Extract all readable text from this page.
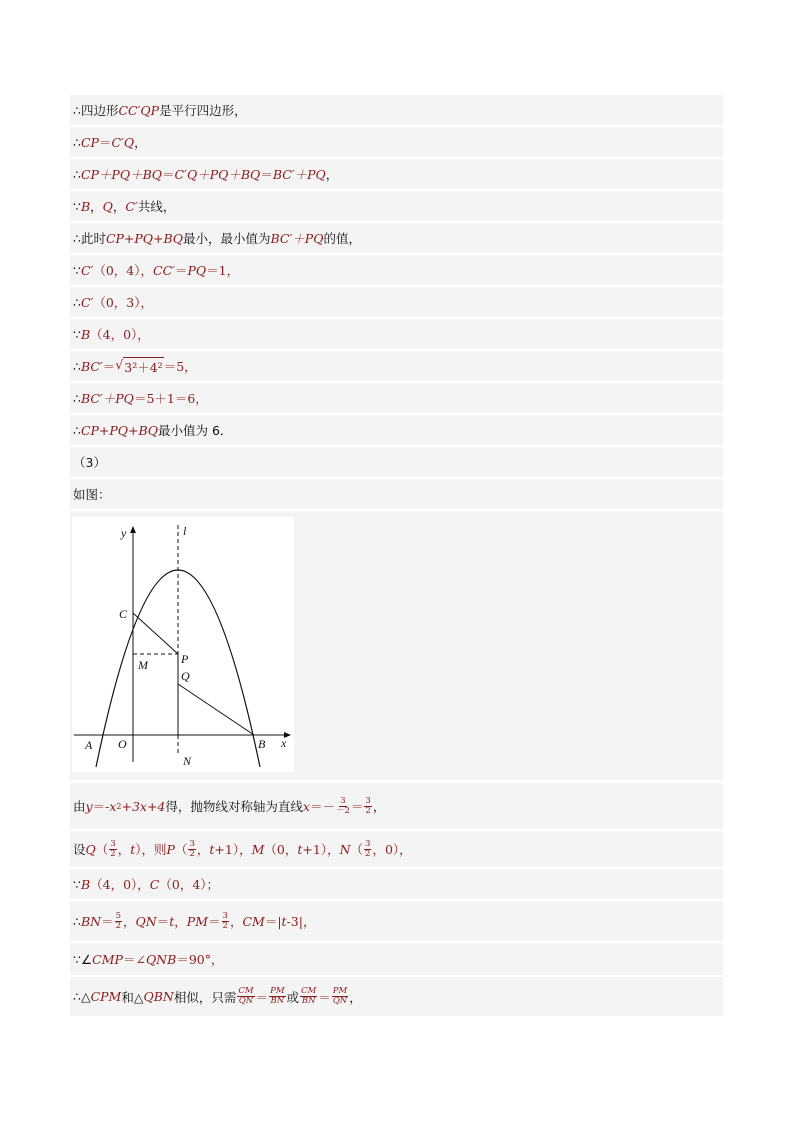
∴四边形 CC′QP 是平行四边形，
∴ CP ＝ C′Q ，
∴ CP＋PQ＋BQ ＝ C′Q＋PQ＋BQ ＝ BC′＋PQ ，
∵ B ， Q ， C′ 共线，
∴此时 CP+PQ+BQ 最小，最小值为 BC′＋PQ 的值，
∵ C′ （0，4）， CC′ ＝ PQ ＝1，
∴ C′ （0，3），
∵ B （4，0），
∴ BC′ ＝ √ 3²＋4² ＝5，
∴ BC′＋PQ ＝5＋1＝6，
∴ CP+PQ+BQ 最小值为 6．
（3）
如图：
y	l
C
M	P
Q
A O	B x
N
由 y ＝ -x 2 +3x+4 得，抛物线对称轴为直线 $x =- \frac{3}{-2} = \frac{3}{2}$ ，
设 Q （ $\frac{3}{2}$ ， t ），则 P （ $\frac{3}{2}$ ， t +1）， M （0， t +1）， N （ $\frac{3}{2}$ ，0），
∵ B （4，0）， C （0，4）；
∴ BN ＝ $\frac{5}{2}$ ， QN ＝ t ， PM ＝ $\frac{3}{2}$ ， CM ＝| t -3|，
∵∠ CMP ＝∠ QNB ＝90°，
∴△ CPM 和△ QBN 相似，只需 $\frac{CM}{QN} = \frac{PM}{BN}$ 或 $\frac{CM}{BN} = \frac{PM}{QN}$ ，
